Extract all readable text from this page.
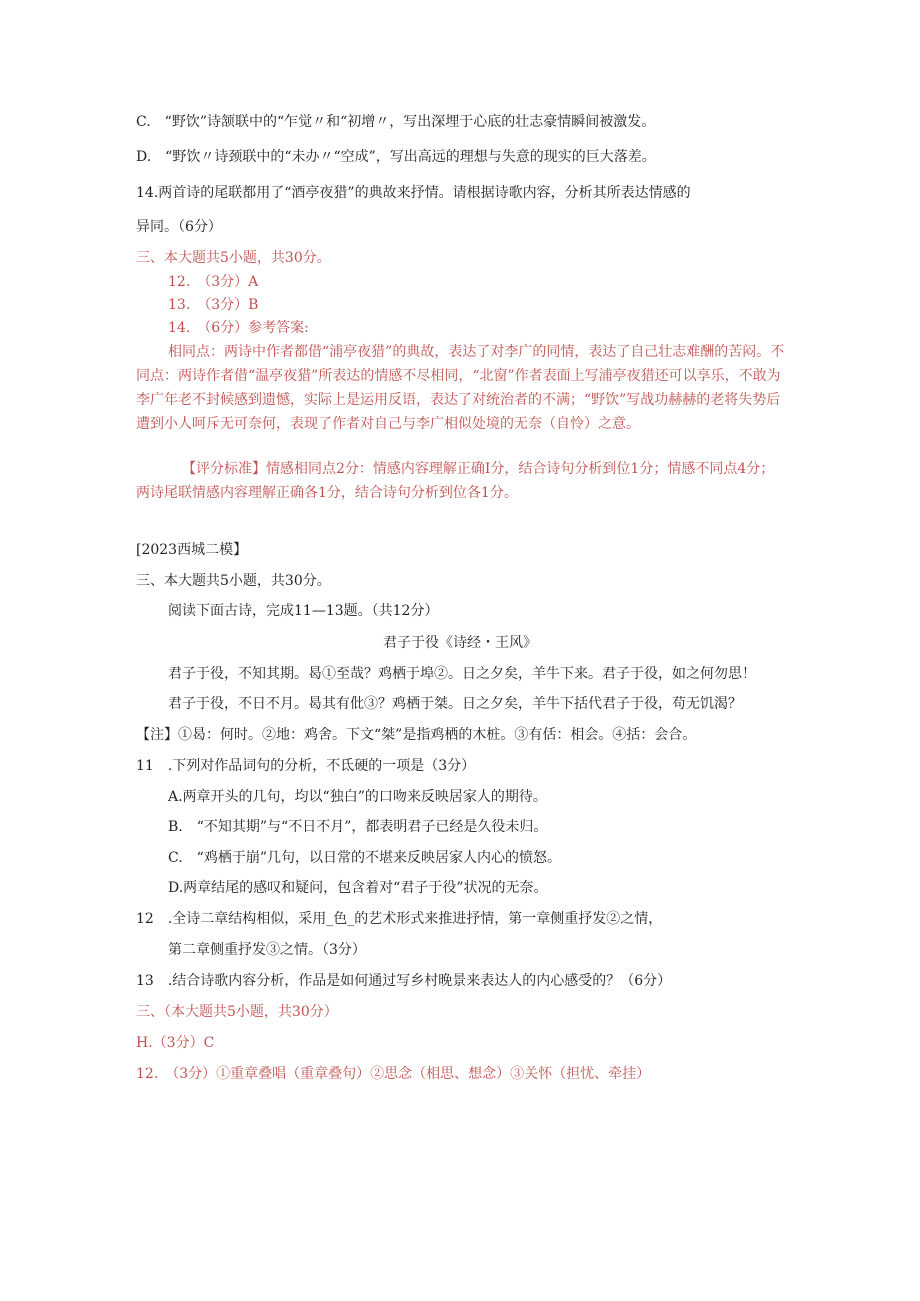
C.　“野饮”诗颔联中的“乍觉〃和“初增〃，写出深埋于心底的壮志豪情瞬间被激发。
D.　“野饮〃诗颈联中的“未办〃“空成”，写出高远的理想与失意的现实的巨大落差。
14.两首诗的尾联都用了“酒亭夜猎”的典故来抒情。请根据诗歌内容，分析其所表达情感的
异同。（6分）
三、本大题共5小题，共30分。
12.　（3分）A
13.　（3分）B
14.　（6分）参考答案:
相同点：两诗中作者都借“浦亭夜猎”的典故，表达了对李广的同情，表达了自己壮志难酬的苦闷。不同点：两诗作者借“温亭夜猎”所表达的情感不尽相同，“北窗”作者表面上写浦亭夜猎还可以享乐，不敢为李广年老不封候感到遗憾，实际上是运用反语，表达了对统治者的不满；“野饮”写战功赫赫的老将失势后遭到小人呵斥无可奈何，表现了作者对自己与李广相似处境的无奈（自怜）之意。
【评分标准】情感相同点2分：情感内容理解正确I分，结合诗句分析到位1分；情感不同点4分；两诗尾联情感内容理解正确各1分，结合诗句分析到位各1分。
[2023西城二模】
三、本大题共5小题，共30分。
阅读下面古诗，完成11—13题。（共12分）
君子于役《诗经・王风》
君子于役，不知其期。曷①至哉？鸡栖于埠②。日之夕矣，羊牛下来。君子于役，如之何勿思！
君子于役，不日不月。曷其有仳③？鸡栖于桀。日之夕矣，羊牛下括代君子于役，苟无饥渴？
【注】①曷：何时。②地：鸡舍。下文“桀”是指鸡栖的木桩。③有佸：相会。④括：会合。
11　.下列对作品词句的分析，不氐硬的一项是（3分）
A.两章开头的几句，均以“独白”的口吻来反映居家人的期待。
B.　“不知其期”与“不日不月”，都表明君子已经是久役未归。
C.　“鸡栖于崩”几句，以日常的不堪来反映居家人内心的愤怒。
D.两章结尾的感叹和疑问，包含着对“君子于役”状况的无奈。
12　.全诗二章结构相似，采用_色_的艺术形式来推进抒情，第一章侧重抒发②之情，
第二章侧重抒发③之情。（3分）
13　.结合诗歌内容分析，作品是如何通过写乡村晚景来表达人的内心感受的？（6分）
三、（本大题共5小题，共30分）
H.（3分）C
12.　（3分）①重章叠唱（重章叠句）②思念（相思、想念）③关怀（担忧、牵挂）
